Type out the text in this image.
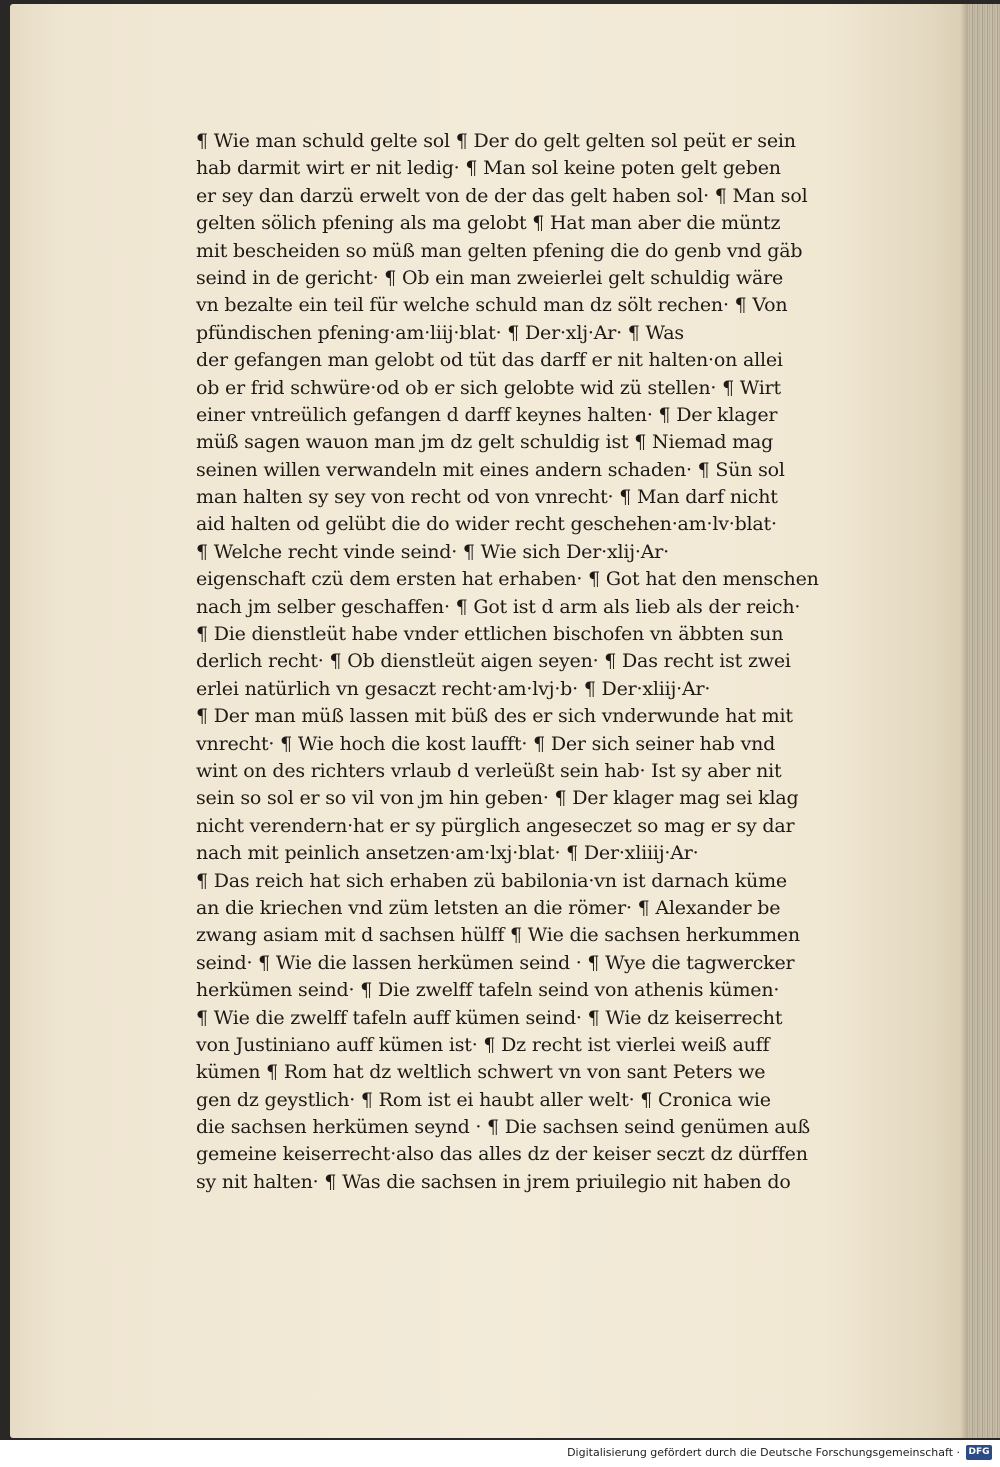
¶ Wie man schuld gelte sol ¶ Der do gelt gelten sol peüt er sein
hab darmit wirt er nit ledig· ¶ Man sol keine poten gelt geben
er sey dan darzü erwelt von de der das gelt haben sol· ¶ Man sol
gelten sölich pfening als ma gelobt ¶ Hat man aber die müntz
mit bescheiden so müß man gelten pfening die do genb vnd gäb
seind in de gericht· ¶ Ob ein man zweierlei gelt schuldig wäre
vn bezalte ein teil für welche schuld man dz sölt rechen· ¶ Von
pfündischen pfening·am·liij·blat· ¶ Der·xlj·Ar· ¶ Was
der gefangen man gelobt od tüt das darff er nit halten·on allei
ob er frid schwüre·od ob er sich gelobte wid zü stellen· ¶ Wirt
einer vntreülich gefangen d darff keynes halten· ¶ Der klager
müß sagen wauon man jm dz gelt schuldig ist ¶ Niemad mag
seinen willen verwandeln mit eines andern schaden· ¶ Sün sol
man halten sy sey von recht od von vnrecht· ¶ Man darf nicht
aid halten od gelübt die do wider recht geschehen·am·lv·blat·
¶ Welche recht vinde seind· ¶ Wie sich Der·xlij·Ar·
eigenschaft czü dem ersten hat erhaben· ¶ Got hat den menschen
nach jm selber geschaffen· ¶ Got ist d arm als lieb als der reich·
¶ Die dienstleüt habe vnder ettlichen bischofen vn äbbten sun
derlich recht· ¶ Ob dienstleüt aigen seyen· ¶ Das recht ist zwei
erlei natürlich vn gesaczt recht·am·lvj·b· ¶ Der·xliij·Ar·
¶ Der man müß lassen mit büß des er sich vnderwunde hat mit
vnrecht· ¶ Wie hoch die kost laufft· ¶ Der sich seiner hab vnd
wint on des richters vrlaub d verleüßt sein hab· Ist sy aber nit
sein so sol er so vil von jm hin geben· ¶ Der klager mag sei klag
nicht verendern·hat er sy pürglich angeseczet so mag er sy dar
nach mit peinlich ansetzen·am·lxj·blat· ¶ Der·xliiij·Ar·
¶ Das reich hat sich erhaben zü babilonia·vn ist darnach küme
an die kriechen vnd züm letsten an die römer· ¶ Alexander be
zwang asiam mit d sachsen hülff ¶ Wie die sachsen herkummen
seind· ¶ Wie die lassen herkümen seind · ¶ Wye die tagwercker
herkümen seind· ¶ Die zwelff tafeln seind von athenis kümen·
¶ Wie die zwelff tafeln auff kümen seind· ¶ Wie dz keiserrecht
von Justiniano auff kümen ist· ¶ Dz recht ist vierlei weiß auff
kümen ¶ Rom hat dz weltlich schwert vn von sant Peters we
gen dz geystlich· ¶ Rom ist ei haubt aller welt· ¶ Cronica wie
die sachsen herkümen seynd · ¶ Die sachsen seind genümen auß
gemeine keiserrecht·also das alles dz der keiser seczt dz dürffen
sy nit halten· ¶ Was die sachsen in jrem priuilegio nit haben do
Digitalisierung gefördert durch die Deutsche Forschungsgemeinschaft · DFG
